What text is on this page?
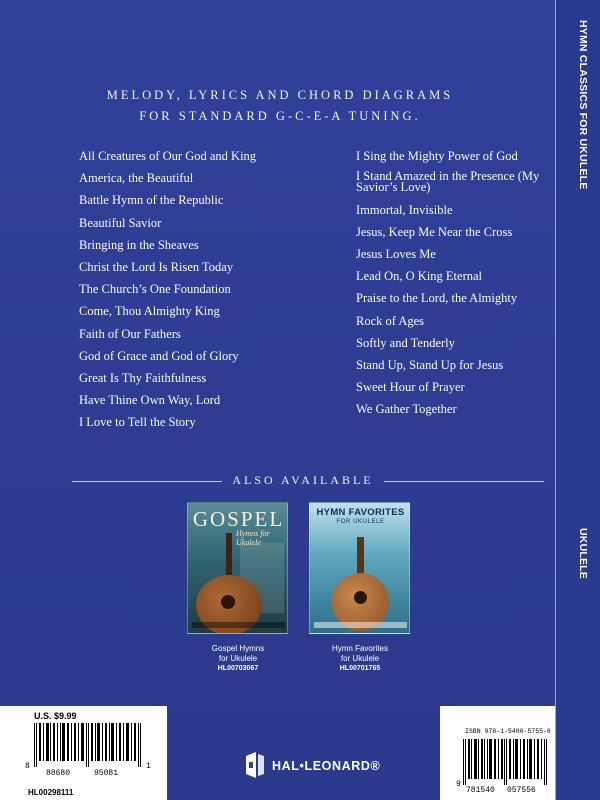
HYMN CLASSICS FOR UKULELE
UKULELE
MELODY, LYRICS AND CHORD DIAGRAMS
FOR STANDARD G-C-E-A TUNING.
All Creatures of Our God and King
America, the Beautiful
Battle Hymn of the Republic
Beautiful Savior
Bringing in the Sheaves
Christ the Lord Is Risen Today
The Church’s One Foundation
Come, Thou Almighty King
Faith of Our Fathers
God of Grace and God of Glory
Great Is Thy Faithfulness
Have Thine Own Way, Lord
I Love to Tell the Story
I Sing the Mighty Power of God
I Stand Amazed in the Presence (My Savior’s Love)
Immortal, Invisible
Jesus, Keep Me Near the Cross
Jesus Loves Me
Lead On, O King Eternal
Praise to the Lord, the Almighty
Rock of Ages
Softly and Tenderly
Stand Up, Stand Up for Jesus
Sweet Hour of Prayer
We Gather Together
ALSO AVAILABLE
GOSPEL
Hymns for Ukulele
HYMN FAVORITES
FOR UKULELE
Gospel Hymns
for Ukulele
HL00703067
Hymn Favorites
for Ukulele
HL00701765
U.S. $9.99
8
88680	95081
1
HL00298111
HAL•LEONARD®
ISBN 978-1-5400-5755-6
9
781540 057556
